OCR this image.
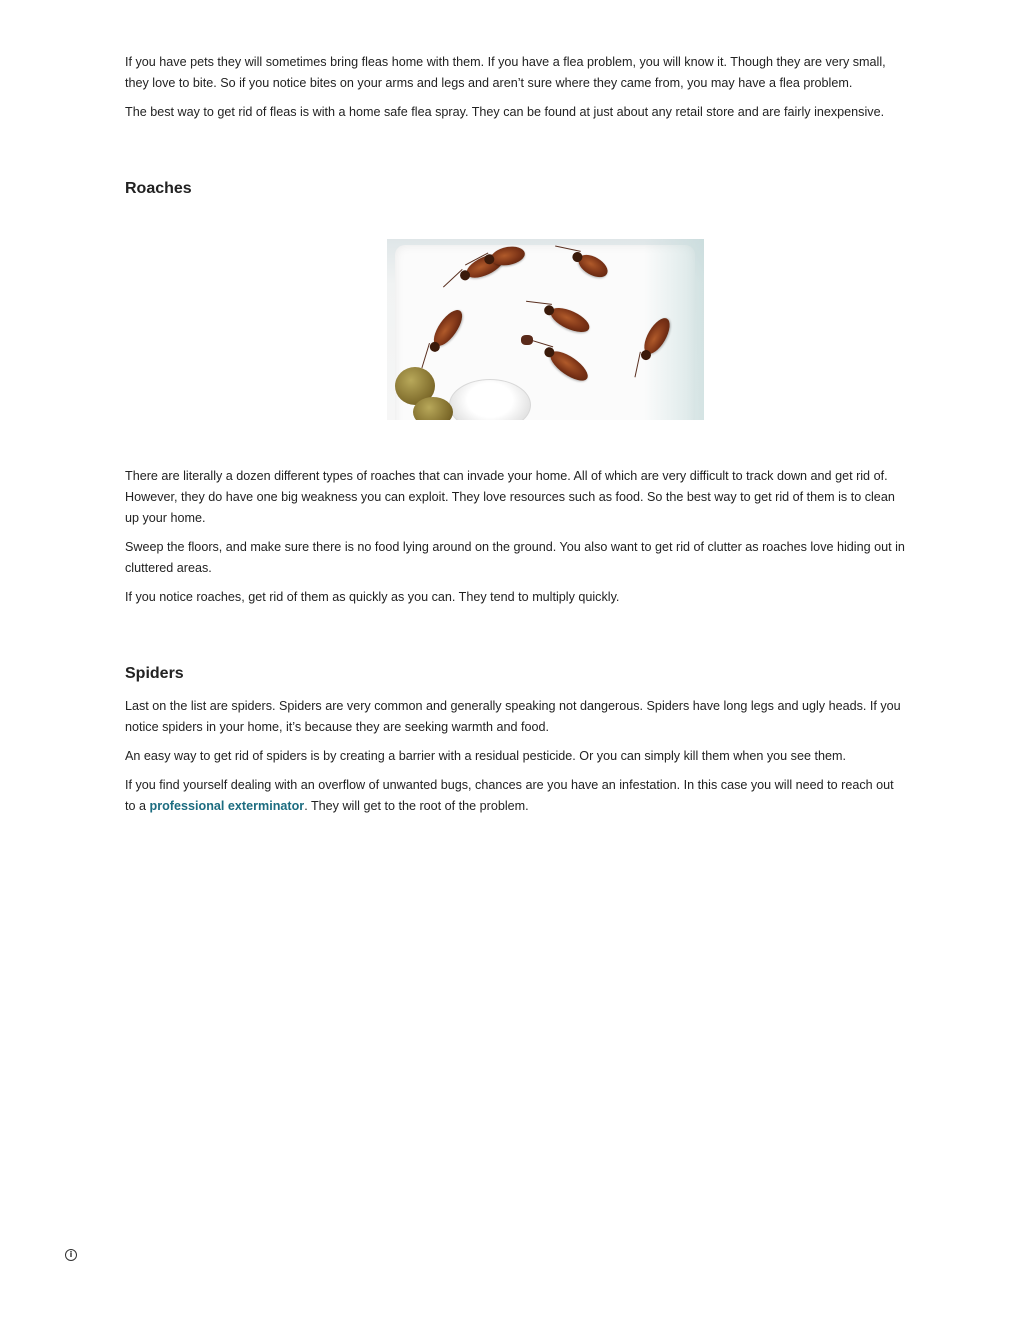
If you have pets they will sometimes bring fleas home with them. If you have a flea problem, you will know it. Though they are very small, they love to bite. So if you notice bites on your arms and legs and aren’t sure where they came from, you may have a flea problem.

The best way to get rid of fleas is with a home safe flea spray. They can be found at just about any retail store and are fairly inexpensive.

Roaches

There are literally a dozen different types of roaches that can invade your home. All of which are very difficult to track down and get rid of. However, they do have one big weakness you can exploit. They love resources such as food. So the best way to get rid of them is to clean up your home.

Sweep the floors, and make sure there is no food lying around on the ground. You also want to get rid of clutter as roaches love hiding out in cluttered areas.

If you notice roaches, get rid of them as quickly as you can. They tend to multiply quickly.

Spiders

Last on the list are spiders. Spiders are very common and generally speaking not dangerous. Spiders have long legs and ugly heads. If you notice spiders in your home, it’s because they are seeking warmth and food.

An easy way to get rid of spiders is by creating a barrier with a residual pesticide. Or you can simply kill them when you see them.

If you find yourself dealing with an overflow of unwanted bugs, chances are you have an infestation. In this case you will need to reach out to a professional exterminator. They will get to the root of the problem.

i
